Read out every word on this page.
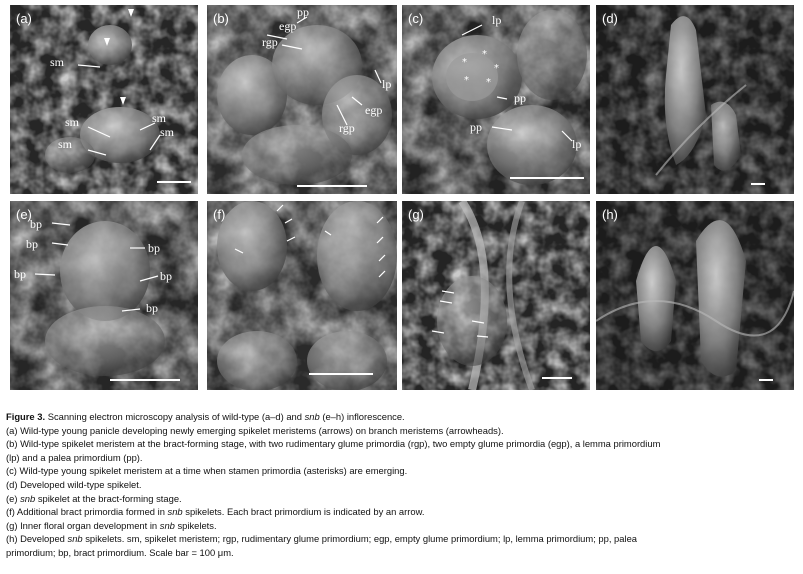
(a)
sm
sm	sm
sm
sm
(b)	pp
egp
rgp
lp
egp
rgp
*
*
*
* *
(c)	lp
pp
pp
lp
(d)
(e)
bp
bp	bp
bp	bp
bp
(f)	(g)	(h)

Figure 3. Scanning electron microscopy analysis of wild-type (a–d) and snb (e–h) inflorescence.

(a) Wild-type young panicle developing newly emerging spikelet meristems (arrows) on branch meristems (arrowheads).

(b) Wild-type spikelet meristem at the bract-forming stage, with two rudimentary glume primordia (rgp), two empty glume primordia (egp), a lemma primordium

(lp) and a palea primordium (pp).

(c) Wild-type young spikelet meristem at a time when stamen primordia (asterisks) are emerging.

(d) Developed wild-type spikelet.

(e) snb spikelet at the bract-forming stage.

(f) Additional bract primordia formed in snb spikelets. Each bract primordium is indicated by an arrow.

(g) Inner floral organ development in snb spikelets.

(h) Developed snb spikelets. sm, spikelet meristem; rgp, rudimentary glume primordium; egp, empty glume primordium; lp, lemma primordium; pp, palea

primordium; bp, bract primordium. Scale bar = 100 μm.
